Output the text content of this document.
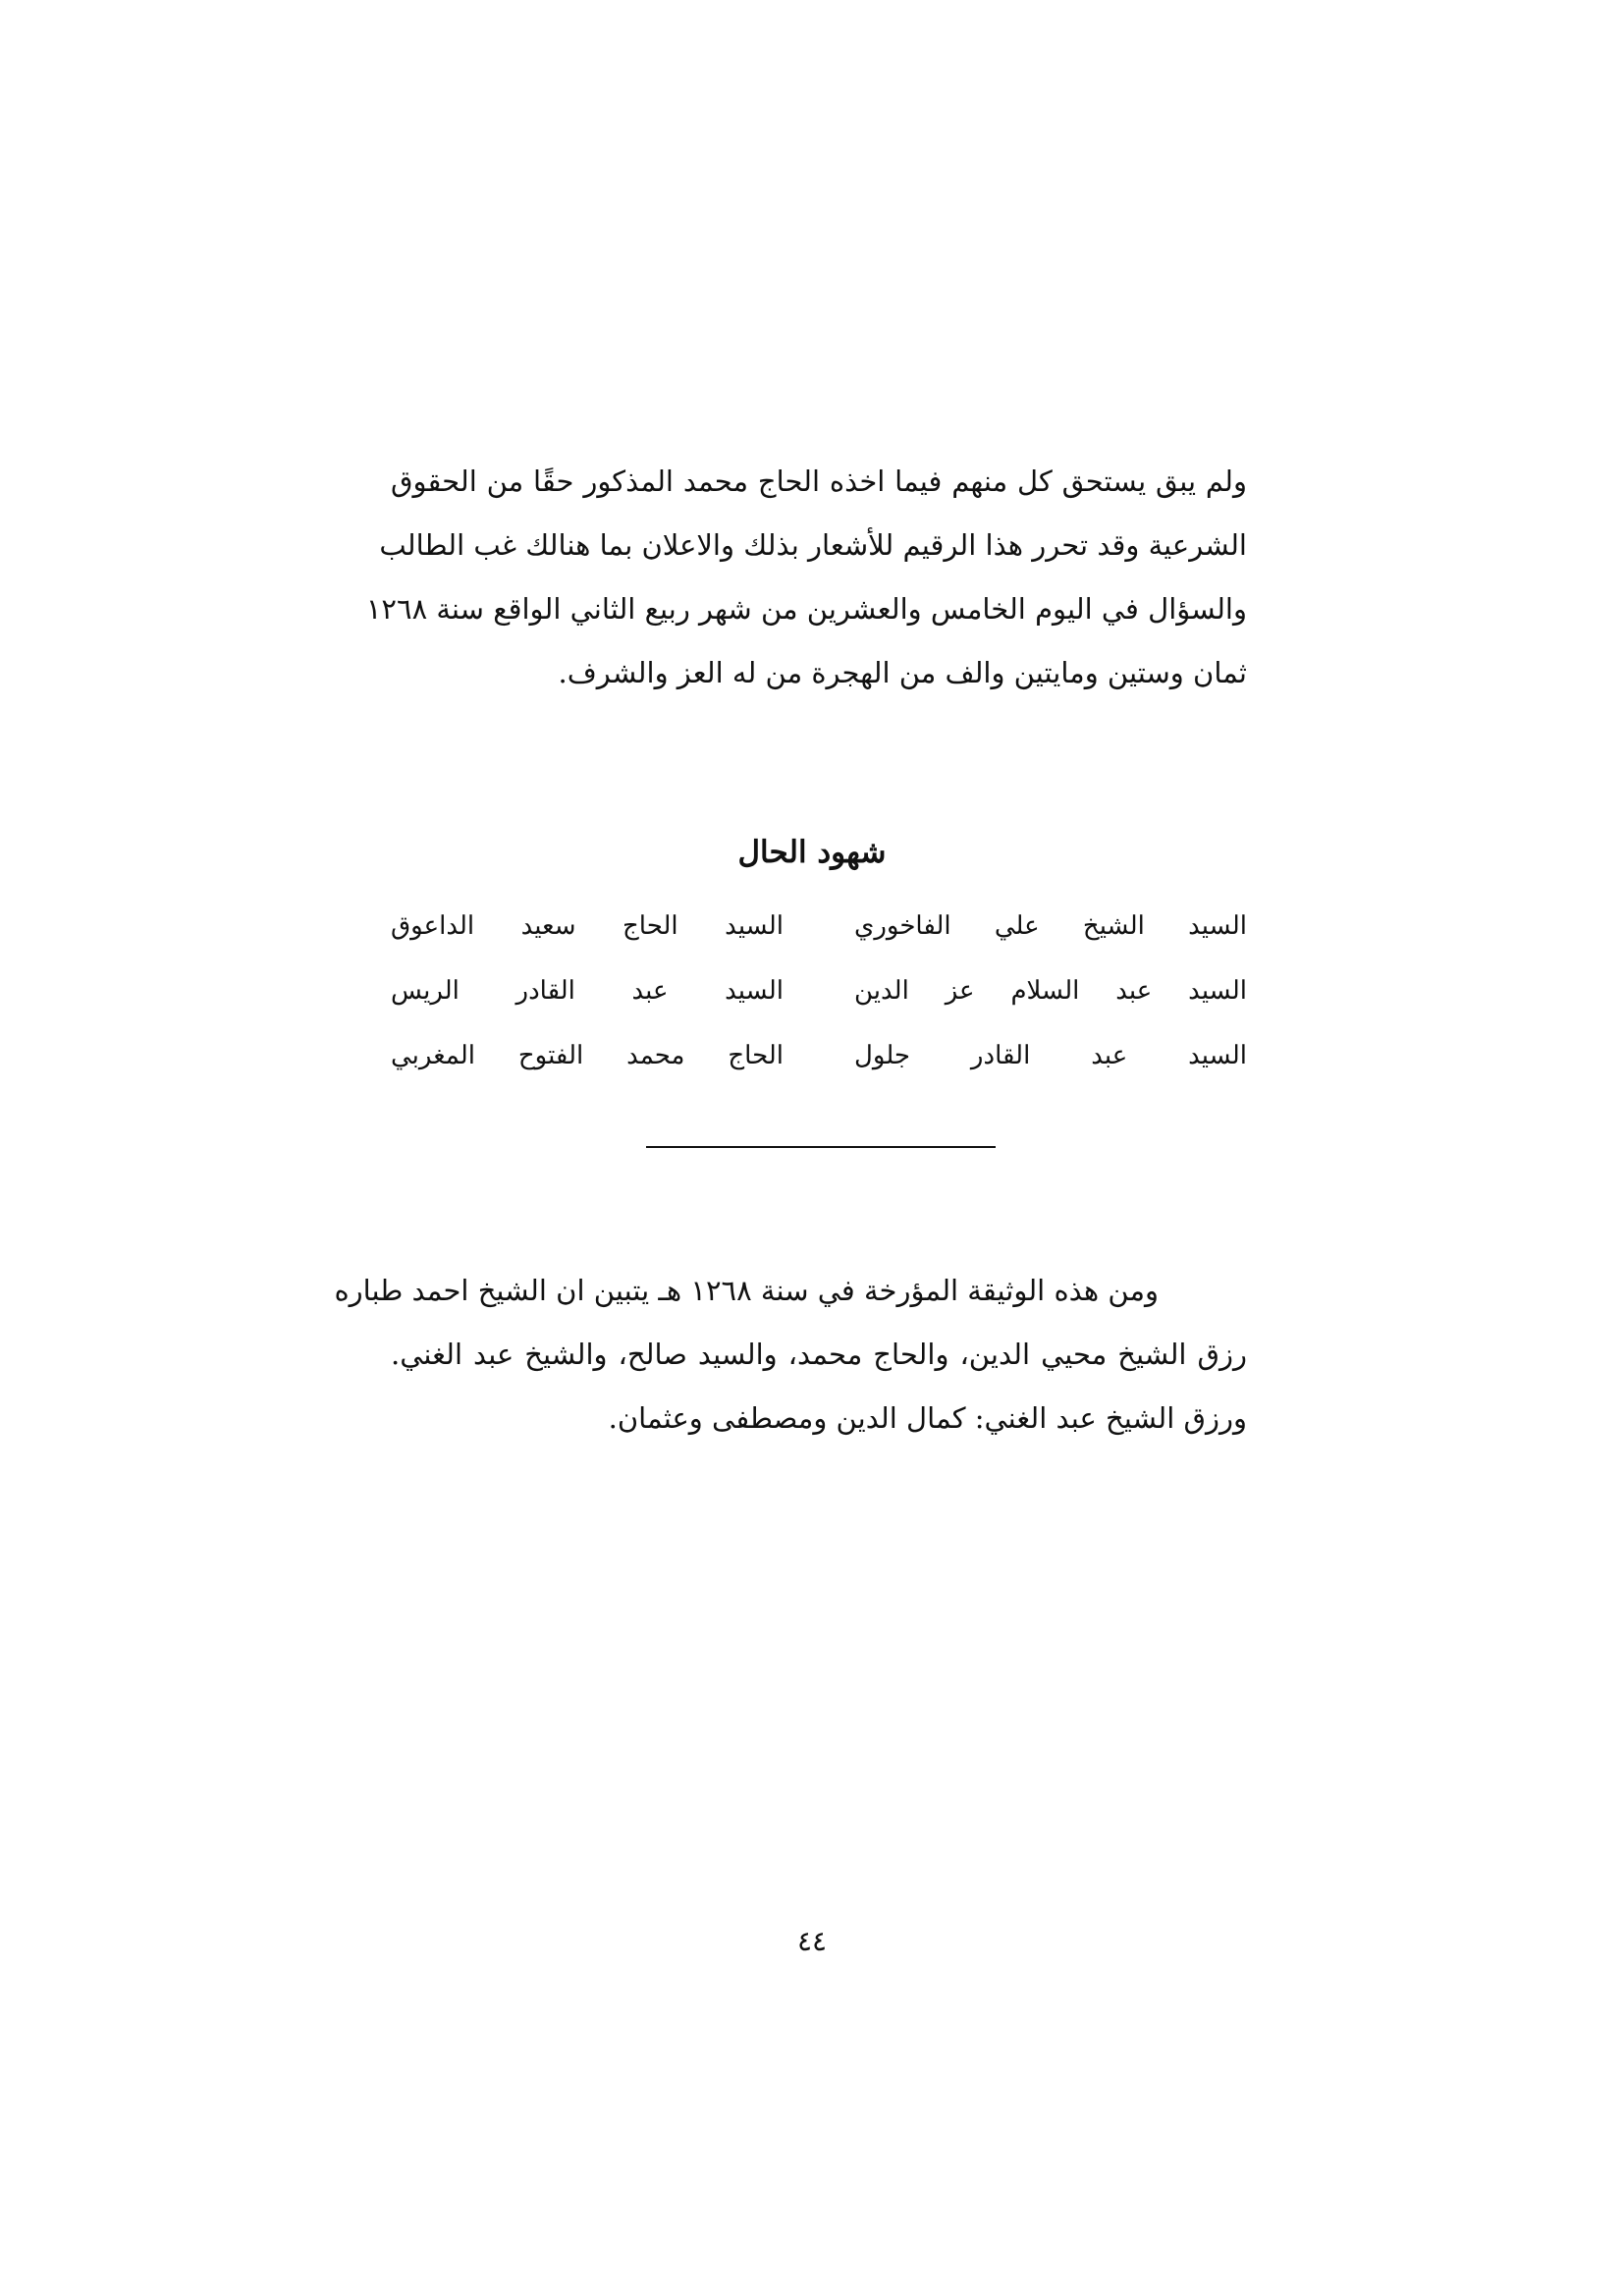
ولم يبق يستحق كل منهم فيما اخذه الحاج محمد المذكور حقًا من الحقوق
الشرعية وقد تحرر هذا الرقيم للأشعار بذلك والاعلان بما هنالك غب الطالب
والسؤال في اليوم الخامس والعشرين من شهر ربيع الثاني الواقع سنة ١٢٦٨
ثمان وستين ومايتين والف من الهجرة من له العز والشرف.
شهود الحال
السيد الشيخ علي الفاخوري
السيد الحاج سعيد الداعوق
السيد عبد السلام عز الدين
السيد عبد القادر الريس
السيد عبد القادر جلول
الحاج محمد الفتوح المغربي
ومن هذه الوثيقة المؤرخة في سنة ١٢٦٨ هـ يتبين ان الشيخ احمد طباره
رزق الشيخ محيي الدين، والحاج محمد، والسيد صالح، والشيخ عبد الغني.
ورزق الشيخ عبد الغني: كمال الدين ومصطفى وعثمان.
٤٤
